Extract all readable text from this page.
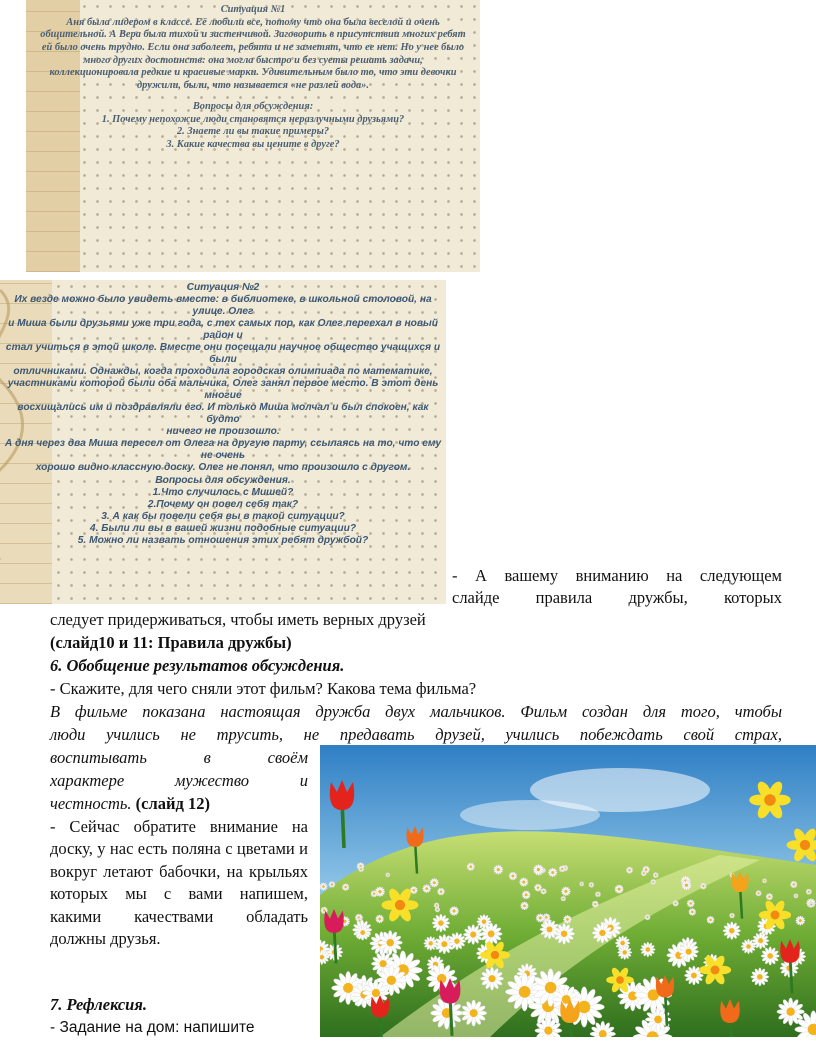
Ситуация №1
Аня была лидером в классе. Её любили все, потому что она была веселой и очень
общительной. А Вера была тихой и застенчивой. Заговорить в присутствии многих ребят
ей было очень трудно. Если она заболеет, ребята и не заметят, что ее нет. Но у нее было
много других достоинств: она могла быстро и без суеты решать задачи,
коллекционировала редкие и красивые марки. Удивительным было то, что эти девочки
дружили, были, что называется «не разлей вода».
Вопросы для обсуждения:
1. Почему непохожие люди становятся неразлучными друзьями?
2. Знаете ли вы такие примеры?
3. Какие качества вы цените в друге?
Ситуация №2
Их везде можно было увидеть вместе: в библиотеке, в школьной столовой, на улице. Олег
и Миша были друзьями уже три года, с тех самых пор, как Олег переехал в новый район и
стал учиться в этой школе. Вместе они посещали научное общество учащихся и были
отличниками. Однажды, когда проходила городская олимпиада по математике,
участниками которой были оба мальчика, Олег занял первое место. В этот день многие
восхищались им и поздравляли его. И только Миша молчал и был спокоен, как будто
ничего не произошло.
А дня через два Миша пересел от Олега на другую парту, ссылаясь на то, что ему не очень
хорошо видно классную доску. Олег не понял, что произошло с другом.
Вопросы для обсуждения.
1.Что случилось с Мишей?
2.Почему он повел себя так?
3. А как бы повели себя вы в такой ситуации?
4. Были ли вы в вашей жизни подобные ситуации?
5. Можно ли назвать отношения этих ребят дружбой?
- А вашему вниманию на следующем
слайде правила дружбы, которых
следует придерживаться, чтобы иметь верных друзей
(слайд10 и 11: Правила дружбы)
6. Обобщение результатов обсуждения.
- Скажите, для чего сняли этот фильм? Какова тема фильма?
В фильме показана настоящая дружба двух мальчиков. Фильм создан для того, чтобы
люди учились не трусить, не предавать друзей, учились побеждать свой страх,
воспитывать в своём
характере мужество и
честность. (слайд 12)
- Сейчас обратите внимание на доску, у нас есть поляна с цветами и вокруг летают бабочки, на крыльях которых мы с вами напишем, какими качествами обладать должны друзья.
7. Рефлексия.
- Задание на дом: напишите
